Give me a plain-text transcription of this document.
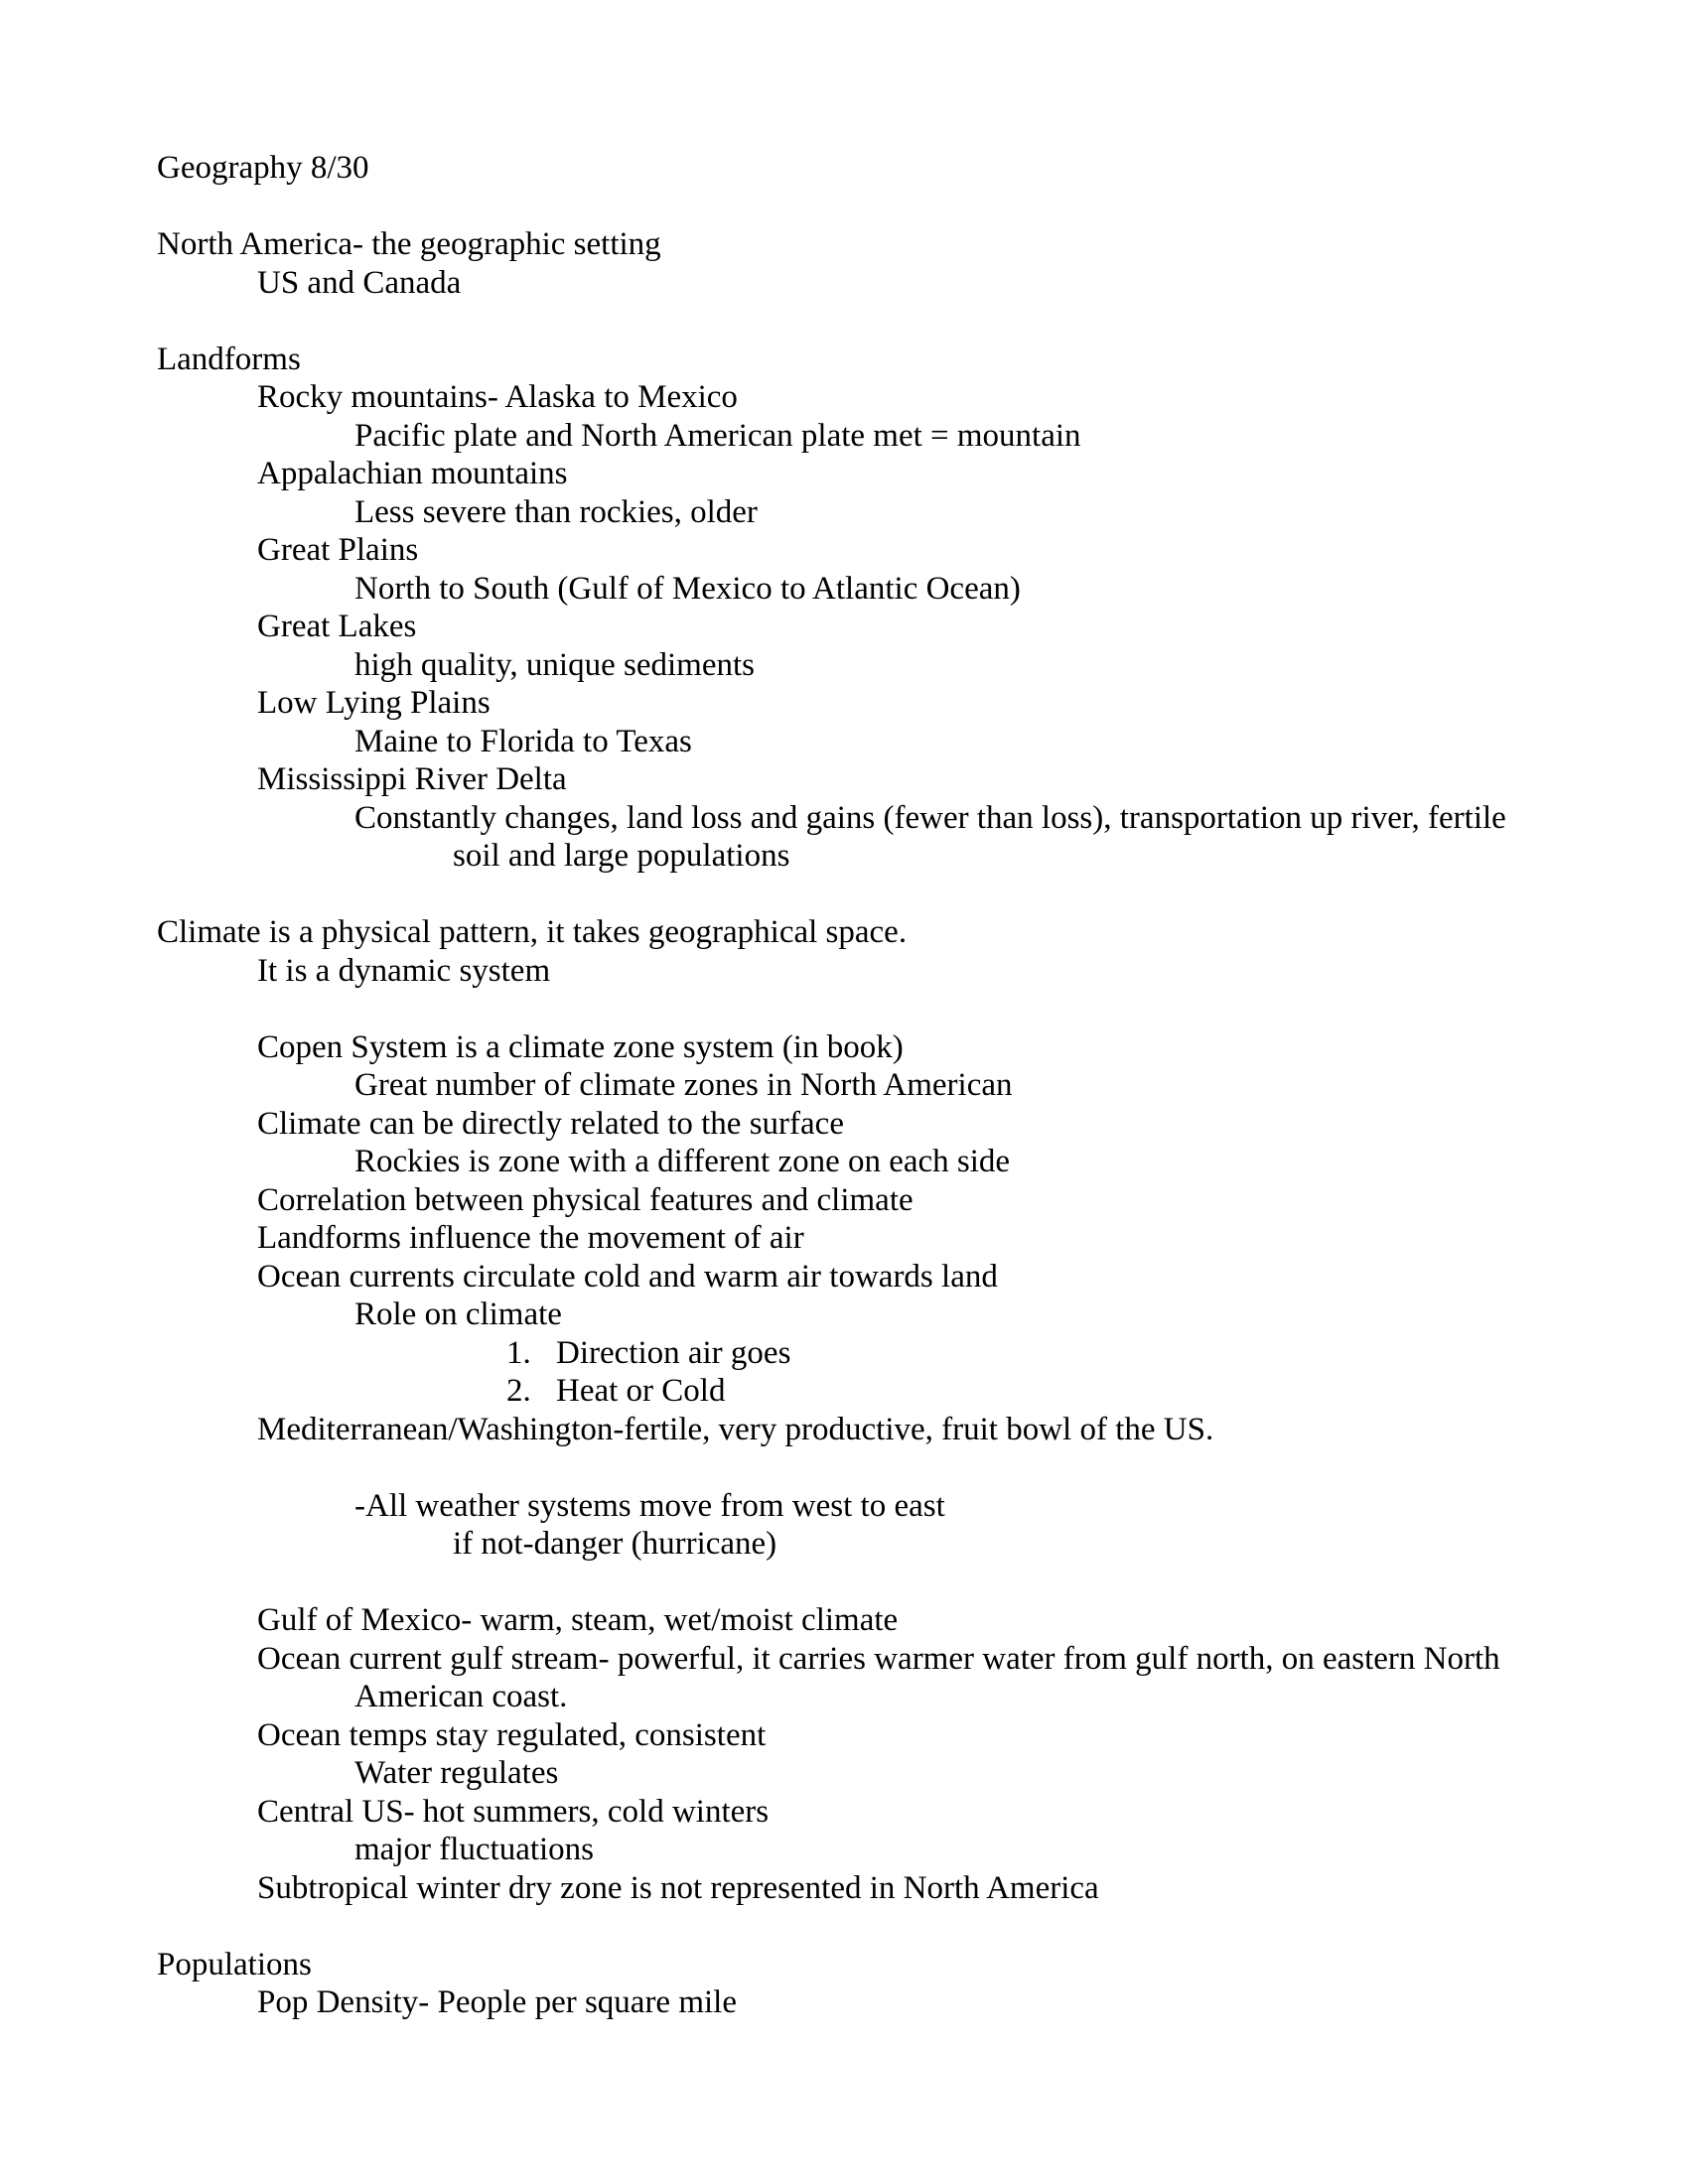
Geography 8/30
North America- the geographic setting
US and Canada
Landforms
Rocky mountains- Alaska to Mexico
Pacific plate and North American plate met = mountain
Appalachian mountains
Less severe than rockies, older
Great Plains
North to South (Gulf of Mexico to Atlantic Ocean)
Great Lakes
high quality, unique sediments
Low Lying Plains
Maine to Florida to Texas
Mississippi River Delta
Constantly changes, land loss and gains (fewer than loss), transportation up river, fertile
soil and large populations
Climate is a physical pattern, it takes geographical space.
It is a dynamic system
Copen System is a climate zone system (in book)
Great number of climate zones in North American
Climate can be directly related to the surface
Rockies is zone with a different zone on each side
Correlation between physical features and climate
Landforms influence the movement of air
Ocean currents circulate cold and warm air towards land
Role on climate
1. Direction air goes
2. Heat or Cold
Mediterranean/Washington-fertile, very productive, fruit bowl of the US.
-All weather systems move from west to east
if not-danger (hurricane)
Gulf of Mexico- warm, steam, wet/moist climate
Ocean current gulf stream- powerful, it carries warmer water from gulf north, on eastern North
American coast.
Ocean temps stay regulated, consistent
Water regulates
Central US- hot summers, cold winters
major fluctuations
Subtropical winter dry zone is not represented in North America
Populations
Pop Density- People per square mile
